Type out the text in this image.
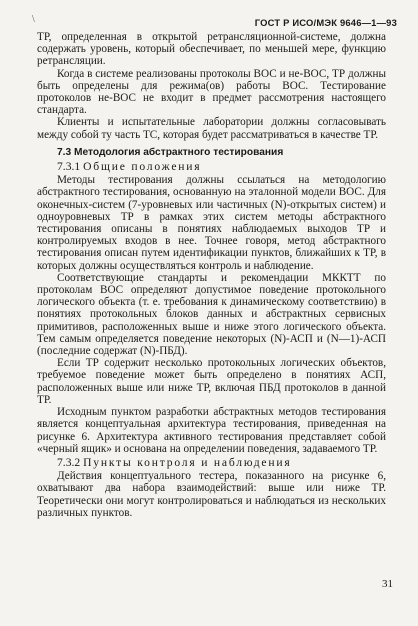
\	ГОСТ Р ИСО/МЭК 9646—1—93

ТР, определенная в открытой ретрансляционной-системе, должна содержать уровень, который обеспечивает, по меньшей мере, функцию ретрансляции.

Когда в системе реализованы протоколы ВОС и не-ВОС, ТР должны быть определены для режима(ов) работы ВОС. Тестирование протоколов не-ВОС не входит в предмет рассмотрения настоящего стандарта.

Клиенты и испытательные лаборатории должны согласовывать между собой ту часть ТС, которая будет рассматриваться в качестве ТР.

7.3 Методология абстрактного тестирования

7.3.1 Общие положения

Методы тестирования должны ссылаться на методологию абстрактного тестирования, основанную на эталонной модели ВОС. Для оконечных-систем (7-уровневых или частичных (N)-открытых систем) и одноуровневых ТР в рамках этих систем методы абстрактного тестирования описаны в понятиях наблюдаемых выходов ТР и контролируемых входов в нее. Точнее говоря, метод абстрактного тестирования описан путем идентификации пунктов, ближайших к ТР, в которых должны осуществляться контроль и наблюдение.

Соответствующие стандарты и рекомендации МККТТ по протоколам ВОС определяют допустимое поведение протокольного логического объекта (т. е. требования к динамическому соответствию) в понятиях протокольных блоков данных и абстрактных сервисных примитивов, расположенных выше и ниже этого логического объекта. Тем самым определяется поведение некоторых (N)-АСП и (N—1)-АСП (последние содержат (N)-ПБД).

Если ТР содержит несколько протокольных логических объектов, требуемое поведение может быть определено в понятиях АСП, расположенных выше или ниже ТР, включая ПБД протоколов в данной ТР.

Исходным пунктом разработки абстрактных методов тестирования является концептуальная архитектура тестирования, приведенная на рисунке 6. Архитектура активного тестирования представляет собой «черный ящик» и основана на определении поведения, задаваемого ТР.

7.3.2 Пункты контроля и наблюдения

Действия концептуального тестера, показанного на рисунке 6, охватывают два набора взаимодействий: выше или ниже ТР. Теоретически они могут контролироваться и наблюдаться из нескольких различных пунктов.

31
